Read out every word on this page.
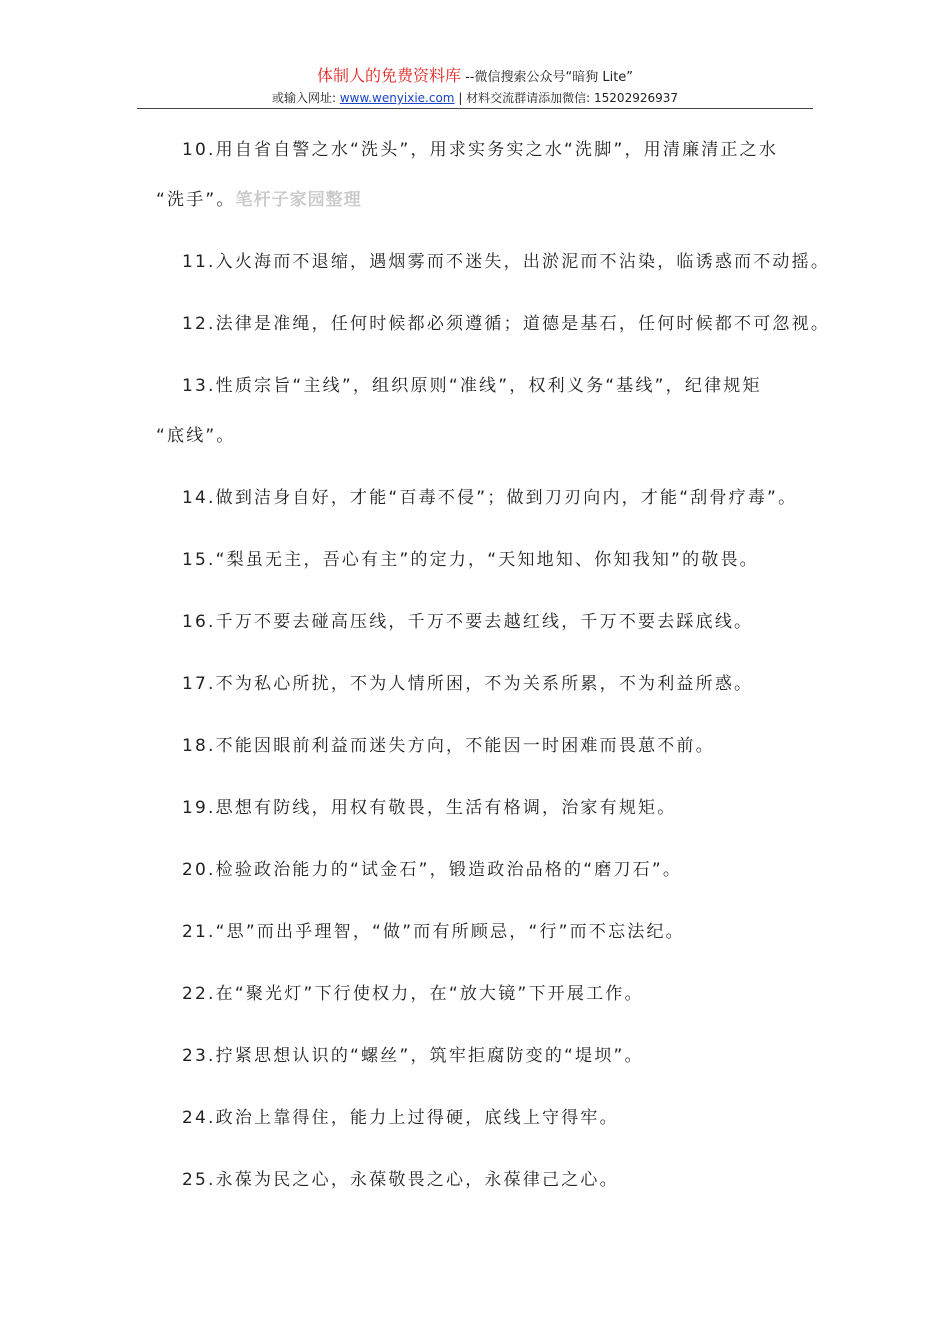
体制人的免费资料库 --微信搜索公众号“暗狗 Lite”
或输入网址: www.wenyixie.com | 材料交流群请添加微信: 15202926937

10.用自省自警之水“洗头”，用求实务实之水“洗脚”，用清廉清正之水

“洗手”。笔杆子家园整理

11.入火海而不退缩，遇烟雾而不迷失，出淤泥而不沾染，临诱惑而不动摇。

12.法律是准绳，任何时候都必须遵循；道德是基石，任何时候都不可忽视。

13.性质宗旨“主线”，组织原则“准线”，权利义务“基线”，纪律规矩

“底线”。

14.做到洁身自好，才能“百毒不侵”；做到刀刃向内，才能“刮骨疗毒”。

15.“梨虽无主，吾心有主”的定力，“天知地知、你知我知”的敬畏。

16.千万不要去碰高压线，千万不要去越红线，千万不要去踩底线。

17.不为私心所扰，不为人情所困，不为关系所累，不为利益所惑。

18.不能因眼前利益而迷失方向，不能因一时困难而畏葸不前。

19.思想有防线，用权有敬畏，生活有格调，治家有规矩。

20.检验政治能力的“试金石”，锻造政治品格的“磨刀石”。

21.“思”而出乎理智，“做”而有所顾忌，“行”而不忘法纪。

22.在“聚光灯”下行使权力，在“放大镜”下开展工作。

23.拧紧思想认识的“螺丝”，筑牢拒腐防变的“堤坝”。

24.政治上靠得住，能力上过得硬，底线上守得牢。

25.永葆为民之心，永葆敬畏之心，永葆律己之心。
